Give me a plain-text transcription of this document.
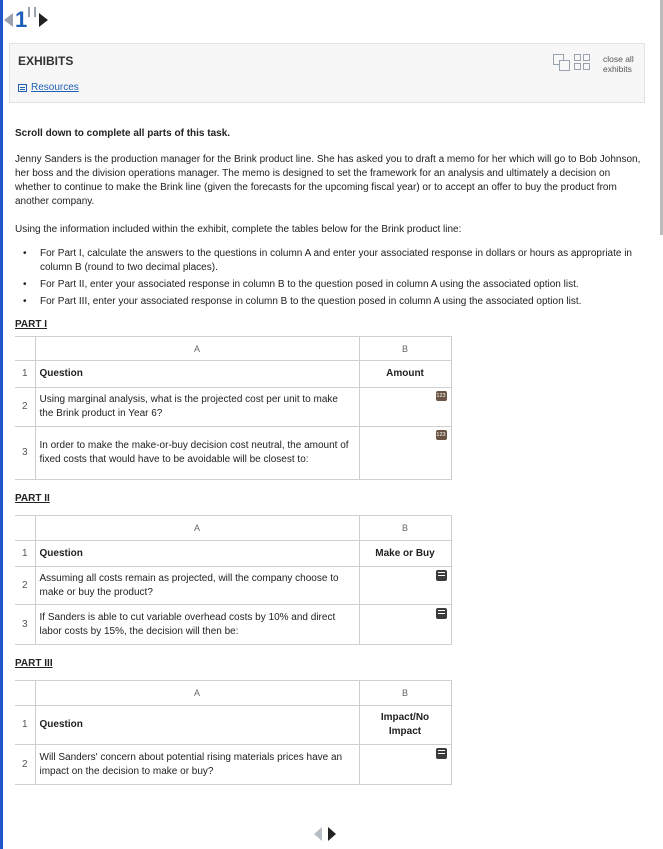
1
EXHIBITS
Resources
close all exhibits

Scroll down to complete all parts of this task.

Jenny Sanders is the production manager for the Brink product line. She has asked you to draft a memo for her which will go to Bob Johnson, her boss and the division operations manager. The memo is designed to set the framework for an analysis and ultimately a decision on whether to continue to make the Brink line (given the forecasts for the upcoming fiscal year) or to accept an offer to buy the product from another company.

Using the information included within the exhibit, complete the tables below for the Brink product line:

• For Part I, calculate the answers to the questions in column A and enter your associated response in dollars or hours as appropriate in column B (round to two decimal places).
• For Part II, enter your associated response in column B to the question posed in column A using the associated option list.
• For Part III, enter your associated response in column B to the question posed in column A using the associated option list.
PART I
	A	B
1	Question	Amount
2	Using marginal analysis, what is the projected cost per unit to make the Brink product in Year 6?	123

3	In order to make the make-or-buy decision cost neutral, the amount of fixed costs that would have to be avoidable will be closest to:	123
PART II
	A	B
1	Question	Make or Buy
2	Assuming all costs remain as projected, will the company choose to make or buy the product?	

3	If Sanders is able to cut variable overhead costs by 10% and direct labor costs by 15%, the decision will then be:	
PART III
	A	B
1	Question	Impact/No Impact
2	Will Sanders' concern about potential rising materials prices have an impact on the decision to make or buy?	
